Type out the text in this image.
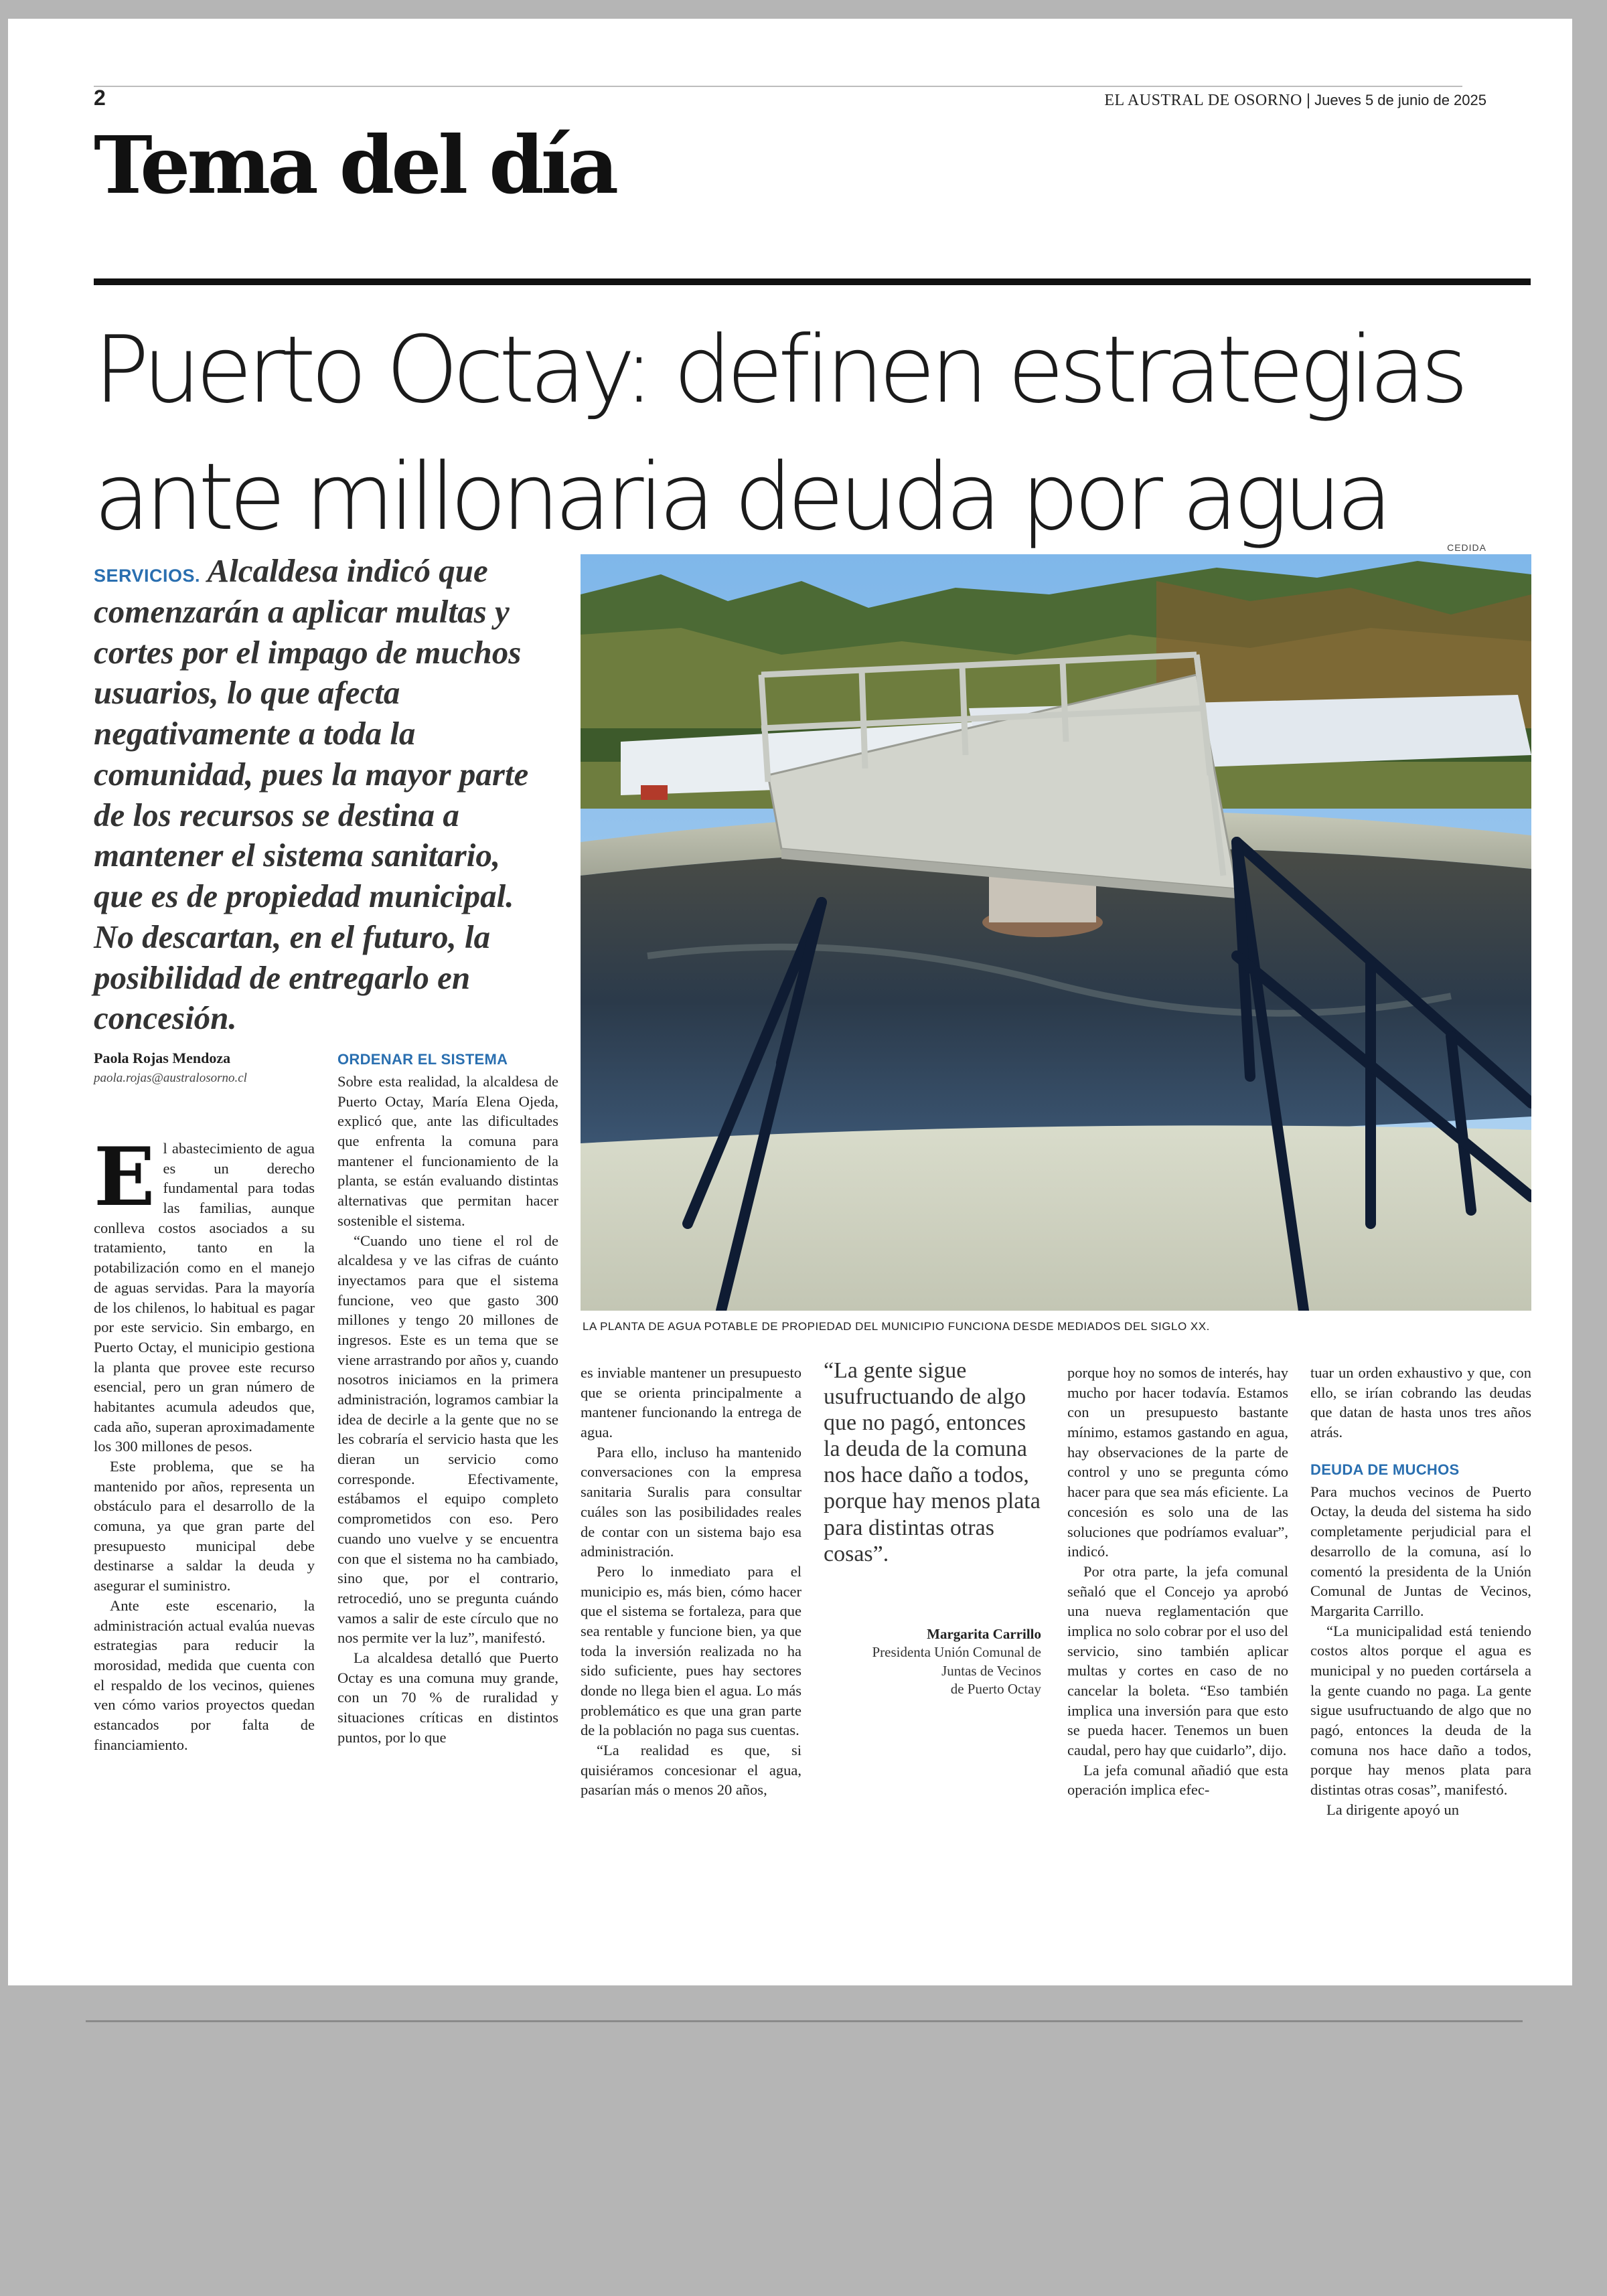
2	EL AUSTRAL DE OSORNO | Jueves 5 de junio de 2025
Tema del día
Puerto Octay: definen estrategias
ante millonaria deuda por agua	CEDIDA
SERVICIOS. Alcaldesa indicó que comenzarán a aplicar multas y cortes por el impago de muchos usuarios, lo que afecta negativamente a toda la comunidad, pues la mayor parte de los recursos se destina a mantener el sistema sanitario, que es de propiedad municipal. No descartan, en el futuro, la posibilidad de entregarlo en concesión.
LA PLANTA DE AGUA POTABLE DE PROPIEDAD DEL MUNICIPIO FUNCIONA DESDE MEDIADOS DEL SIGLO XX.
Paola Rojas Mendoza
paola.rojas@australosorno.cl

El abastecimiento de agua es un derecho fundamental para todas las familias, aunque conlleva costos asociados a su tratamiento, tanto en la potabilización como en el manejo de aguas servidas. Para la mayoría de los chilenos, lo habitual es pagar por este servicio. Sin embargo, en Puerto Octay, el municipio gestiona la planta que provee este recurso esencial, pero un gran número de habitantes acumula adeudos que, cada año, superan aproximadamente los 300 millones de pesos.

Este problema, que se ha mantenido por años, representa un obstáculo para el desarrollo de la comuna, ya que gran parte del presupuesto municipal debe destinarse a saldar la deuda y asegurar el suministro.

Ante este escenario, la administración actual evalúa nuevas estrategias para reducir la morosidad, medida que cuenta con el respaldo de los vecinos, quienes ven cómo varios proyectos quedan estancados por falta de financiamiento.

ORDENAR EL SISTEMA

Sobre esta realidad, la alcaldesa de Puerto Octay, María Elena Ojeda, explicó que, ante las dificultades que enfrenta la comuna para mantener el funcionamiento de la planta, se están evaluando distintas alternativas que permitan hacer sostenible el sistema.

“Cuando uno tiene el rol de alcaldesa y ve las cifras de cuánto inyectamos para que el sistema funcione, veo que gasto 300 millones y tengo 20 millones de ingresos. Este es un tema que se viene arrastrando por años y, cuando nosotros iniciamos en la primera administración, logramos cambiar la idea de decirle a la gente que no se les cobraría el servicio hasta que les dieran un servicio como corresponde. Efectivamente, estábamos el equipo completo comprometidos con eso. Pero cuando uno vuelve y se encuentra con que el sistema no ha cambiado, sino que, por el contrario, retrocedió, uno se pregunta cuándo vamos a salir de este círculo que no nos permite ver la luz”, manifestó.

La alcaldesa detalló que Puerto Octay es una comuna muy grande, con un 70 % de ruralidad y situaciones críticas en distintos puntos, por lo que

es inviable mantener un presupuesto que se orienta principalmente a mantener funcionando la entrega de agua.

Para ello, incluso ha mantenido conversaciones con la empresa sanitaria Suralis para consultar cuáles son las posibilidades reales de contar con un sistema bajo esa administración.

Pero lo inmediato para el municipio es, más bien, cómo hacer que el sistema se fortaleza, para que sea rentable y funcione bien, ya que toda la inversión realizada no ha sido suficiente, pues hay sectores donde no llega bien el agua. Lo más problemático es que una gran parte de la población no paga sus cuentas.

“La realidad es que, si quisiéramos concesionar el agua, pasarían más o menos 20 años,

“La gente sigue usufructuando de algo que no pagó, entonces la deuda de la comuna nos hace daño a todos, porque hay menos plata para distintas otras cosas”.
Margarita Carrillo
Presidenta Unión Comunal de
Juntas de Vecinos
de Puerto Octay

porque hoy no somos de interés, hay mucho por hacer todavía. Estamos con un presupuesto bastante mínimo, estamos gastando en agua, hay observaciones de la parte de control y uno se pregunta cómo hacer para que sea más eficiente. La concesión es solo una de las soluciones que podríamos evaluar”, indicó.

Por otra parte, la jefa comunal señaló que el Concejo ya aprobó una nueva reglamentación que implica no solo cobrar por el uso del servicio, sino también aplicar multas y cortes en caso de no cancelar la boleta. “Eso también implica una inversión para que esto se pueda hacer. Tenemos un buen caudal, pero hay que cuidarlo”, dijo.

La jefa comunal añadió que esta operación implica efec-

tuar un orden exhaustivo y que, con ello, se irían cobrando las deudas que datan de hasta unos tres años atrás.

DEUDA DE MUCHOS

Para muchos vecinos de Puerto Octay, la deuda del sistema ha sido completamente perjudicial para el desarrollo de la comuna, así lo comentó la presidenta de la Unión Comunal de Juntas de Vecinos, Margarita Carrillo.

“La municipalidad está teniendo costos altos porque el agua es municipal y no pueden cortársela a la gente cuando no paga. La gente sigue usufructuando de algo que no pagó, entonces la deuda de la comuna nos hace daño a todos, porque hay menos plata para distintas otras cosas”, manifestó.

La dirigente apoyó un
